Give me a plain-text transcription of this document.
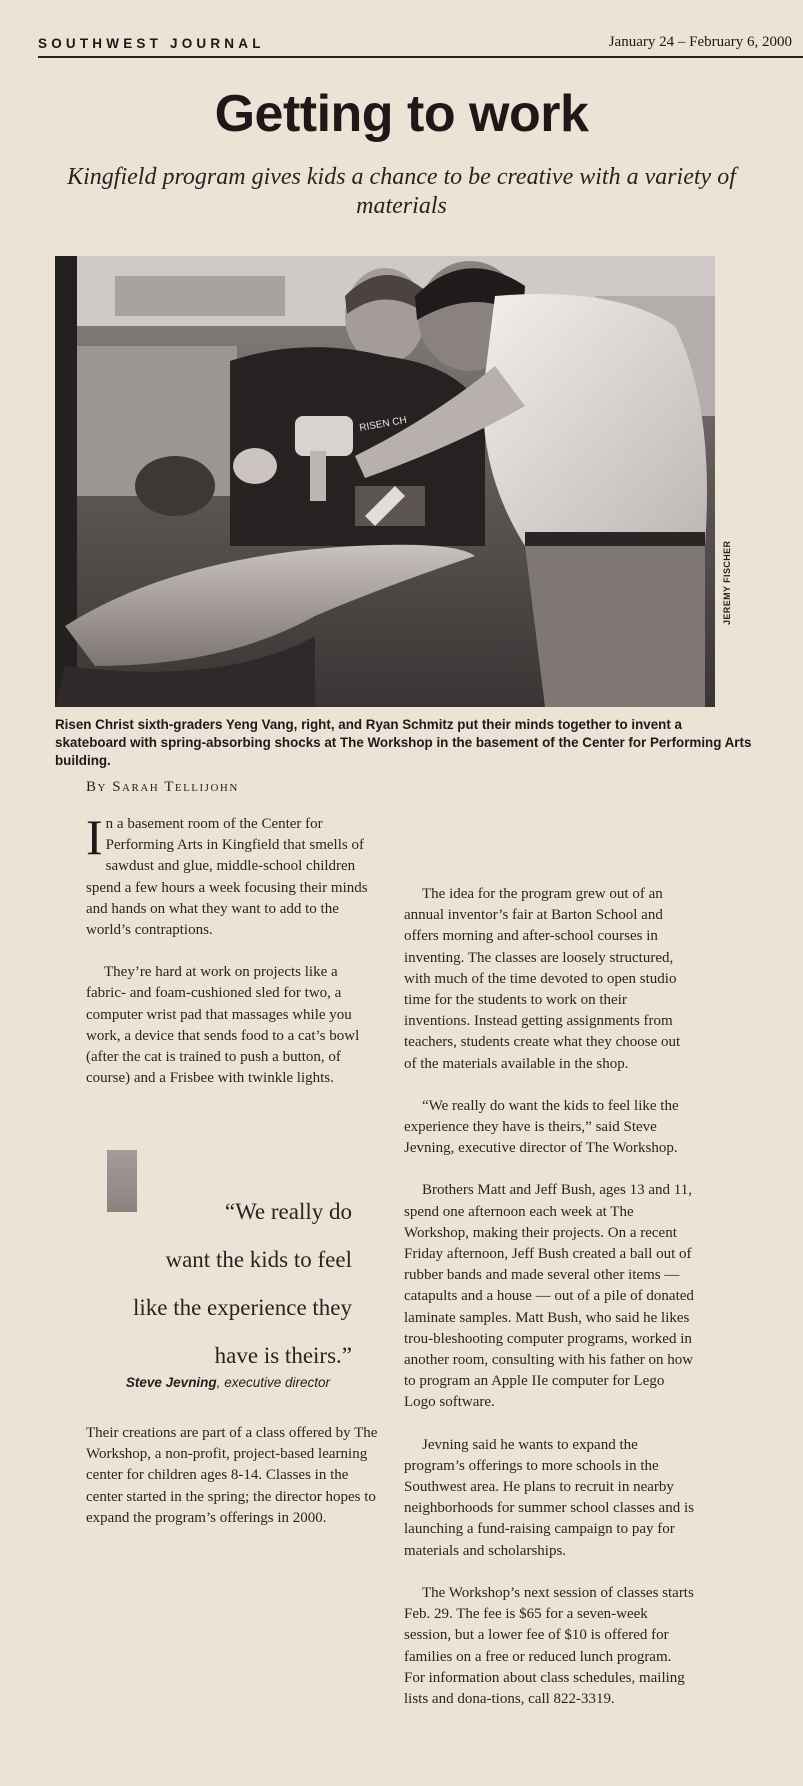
SOUTHWEST JOURNAL	January 24 – February 6, 2000
Getting to work

Kingfield program gives kids a chance to be creative with a variety of materials

RISEN CH
JEREMY FISCHER

Risen Christ sixth-graders Yeng Vang, right, and Ryan Schmitz put their minds together to invent a skateboard with spring-absorbing shocks at The Workshop in the basement of the Center for Performing Arts building.

By Sarah Tellijohn

In a basement room of the Center for Performing Arts in Kingfield that smells of sawdust and glue, middle-school children spend a few hours a week focusing their minds and hands on what they want to add to the world’s contraptions.

They’re hard at work on projects like a fabric- and foam-cushioned sled for two, a computer wrist pad that massages while you work, a device that sends food to a cat’s bowl (after the cat is trained to push a button, of course) and a Frisbee with twinkle lights.

“We really do
want the kids to feel
like the experience they
have is theirs.”
Steve Jevning, executive director

Their creations are part of a class offered by The Workshop, a non-profit, project-based learning center for children ages 8-14. Classes in the center started in the spring; the director hopes to expand the program’s offerings in 2000.

The idea for the program grew out of an annual inventor’s fair at Barton School and offers morning and after-school courses in inventing. The classes are loosely structured, with much of the time devoted to open studio time for the students to work on their inventions. Instead getting assignments from teachers, students create what they choose out of the materials available in the shop.

“We really do want the kids to feel like the experience they have is theirs,” said Steve Jevning, executive director of The Workshop.

Brothers Matt and Jeff Bush, ages 13 and 11, spend one afternoon each week at The Workshop, making their projects. On a recent Friday afternoon, Jeff Bush created a ball out of rubber bands and made several other items — catapults and a house — out of a pile of donated laminate samples. Matt Bush, who said he likes trou-bleshooting computer programs, worked in another room, consulting with his father on how to program an Apple IIe computer for Lego Logo software.

Jevning said he wants to expand the program’s offerings to more schools in the Southwest area. He plans to recruit in nearby neighborhoods for summer school classes and is launching a fund-raising campaign to pay for materials and scholarships.

The Workshop’s next session of classes starts Feb. 29. The fee is $65 for a seven-week session, but a lower fee of $10 is offered for families on a free or reduced lunch program. For information about class schedules, mailing lists and dona-tions, call 822-3319.
